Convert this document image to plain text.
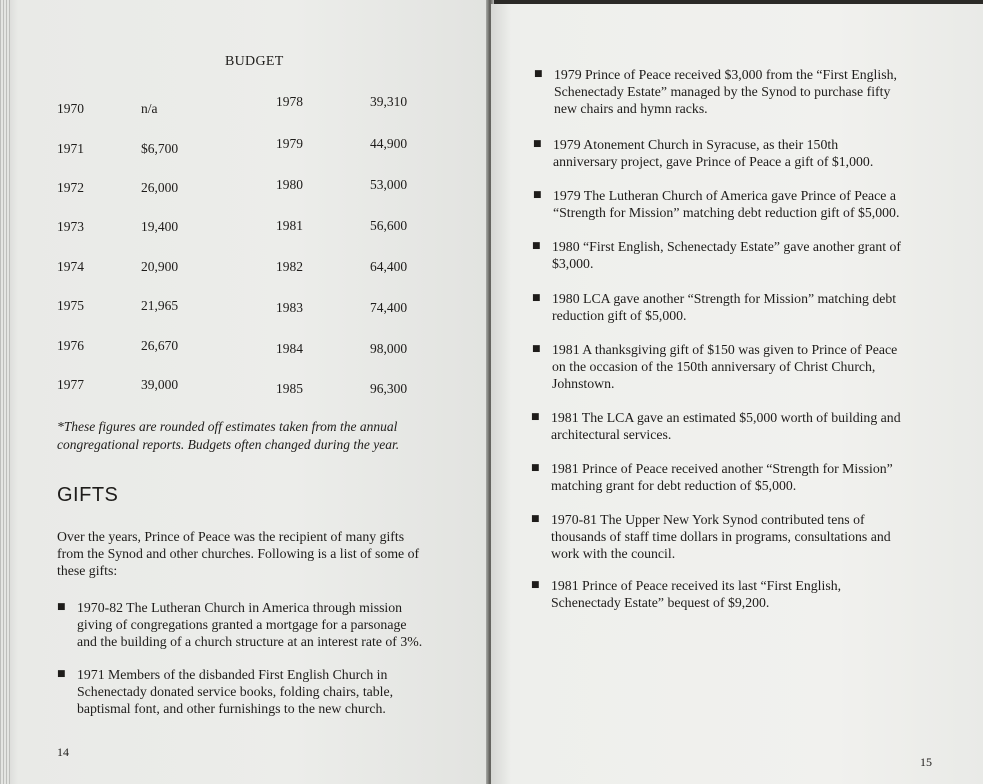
BUDGET
1970	n/a	1978	39,310
1971	$6,700	1979	44,900
1972	26,000	1980	53,000
1973	19,400	1981	56,600
1974	20,900	1982	64,400
1975	21,965	1983	74,400
1976	26,670	1984	98,000
1977	39,000	1985	96,300
*These figures are rounded off estimates taken from the annual
congregational reports. Budgets often changed during the year.
GIFTS
Over the years, Prince of Peace was the recipient of many gifts
from the Synod and other churches. Following is a list of some of
these gifts:
■ 1970-82 The Lutheran Church in America through mission
giving of congregations granted a mortgage for a parsonage
and the building of a church structure at an interest rate of 3%.
■ 1971 Members of the disbanded First English Church in
Schenectady donated service books, folding chairs, table,
baptismal font, and other furnishings to the new church.
14
■ 1979 Prince of Peace received $3,000 from the “First English,
Schenectady Estate” managed by the Synod to purchase fifty
new chairs and hymn racks.
■ 1979 Atonement Church in Syracuse, as their 150th
anniversary project, gave Prince of Peace a gift of $1,000.
■ 1979 The Lutheran Church of America gave Prince of Peace a
“Strength for Mission” matching debt reduction gift of $5,000.
■ 1980 “First English, Schenectady Estate” gave another grant of
$3,000.
■ 1980 LCA gave another “Strength for Mission” matching debt
reduction gift of $5,000.
■ 1981 A thanksgiving gift of $150 was given to Prince of Peace
on the occasion of the 150th anniversary of Christ Church,
Johnstown.
■ 1981 The LCA gave an estimated $5,000 worth of building and
architectural services.
■ 1981 Prince of Peace received another “Strength for Mission”
matching grant for debt reduction of $5,000.
■ 1970-81 The Upper New York Synod contributed tens of
thousands of staff time dollars in programs, consultations and
work with the council.
■ 1981 Prince of Peace received its last “First English,
Schenectady Estate” bequest of $9,200.
15
